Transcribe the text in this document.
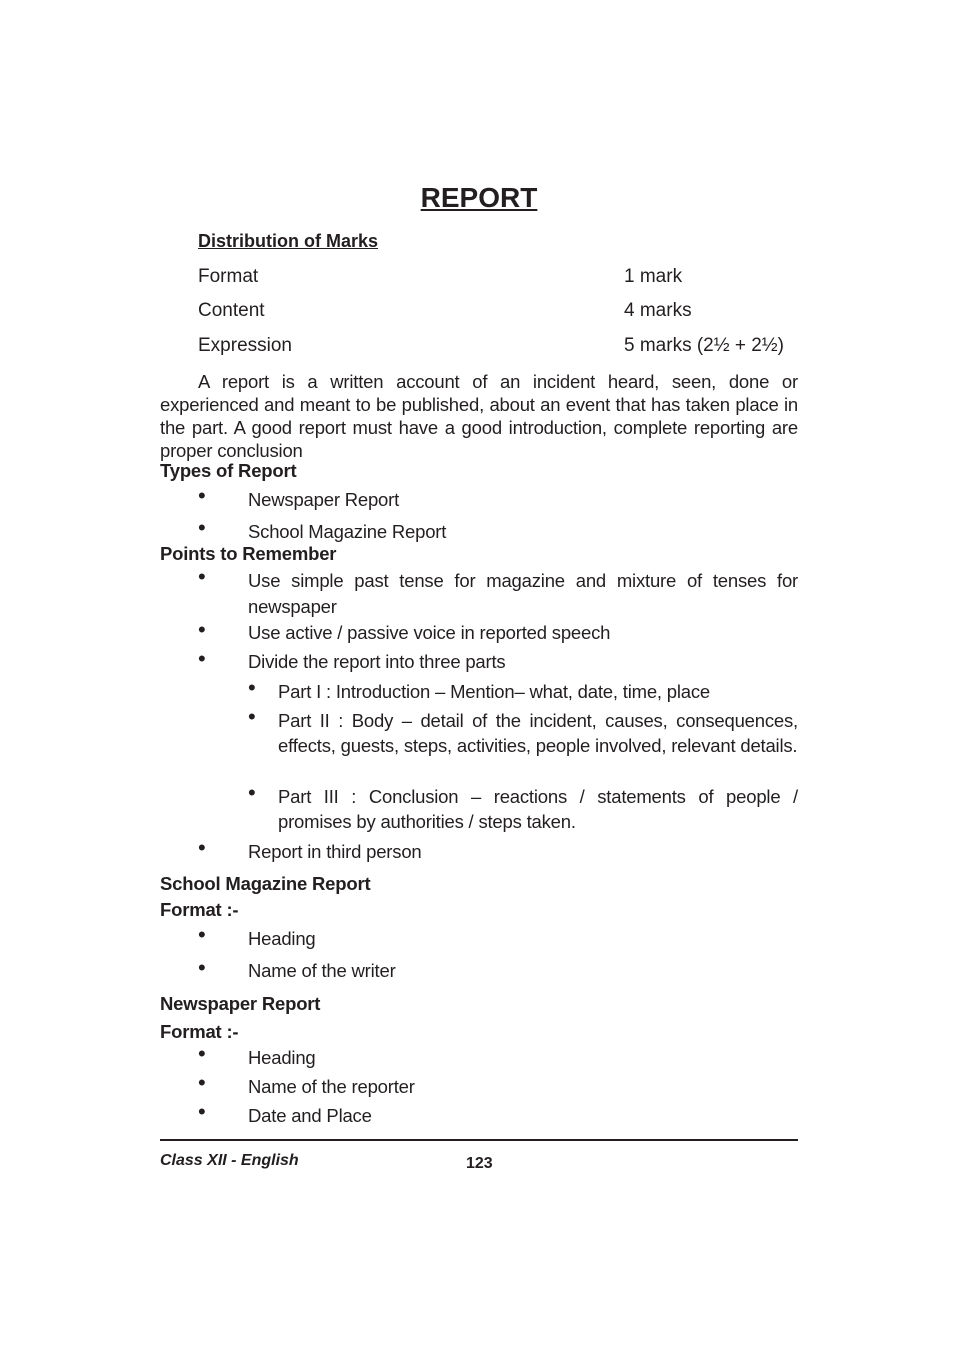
REPORT
Distribution of Marks
Format	1 mark
Content	4 marks
Expression	5 marks (2½ + 2½)
A report is a written account of an incident heard, seen, done or experienced and meant to be published, about an event that has taken place in the part. A good report must have a good introduction, complete reporting are proper conclusion
Types of Report
• Newspaper Report
• School Magazine Report
Points to Remember
• Use simple past tense for magazine and mixture of tenses for newspaper
• Use active / passive voice in reported speech
• Divide the report into three parts
• Part I : Introduction – Mention– what, date, time, place
• Part II : Body – detail of the incident, causes, consequences, effects, guests, steps, activities, people involved, relevant details.
• Part III : Conclusion – reactions / statements of people / promises by authorities / steps taken.
• Report in third person
School Magazine Report
Format :-
• Heading
• Name of the writer
Newspaper Report
Format :-
• Heading
• Name of the reporter
• Date and Place
Class XII - English	123
